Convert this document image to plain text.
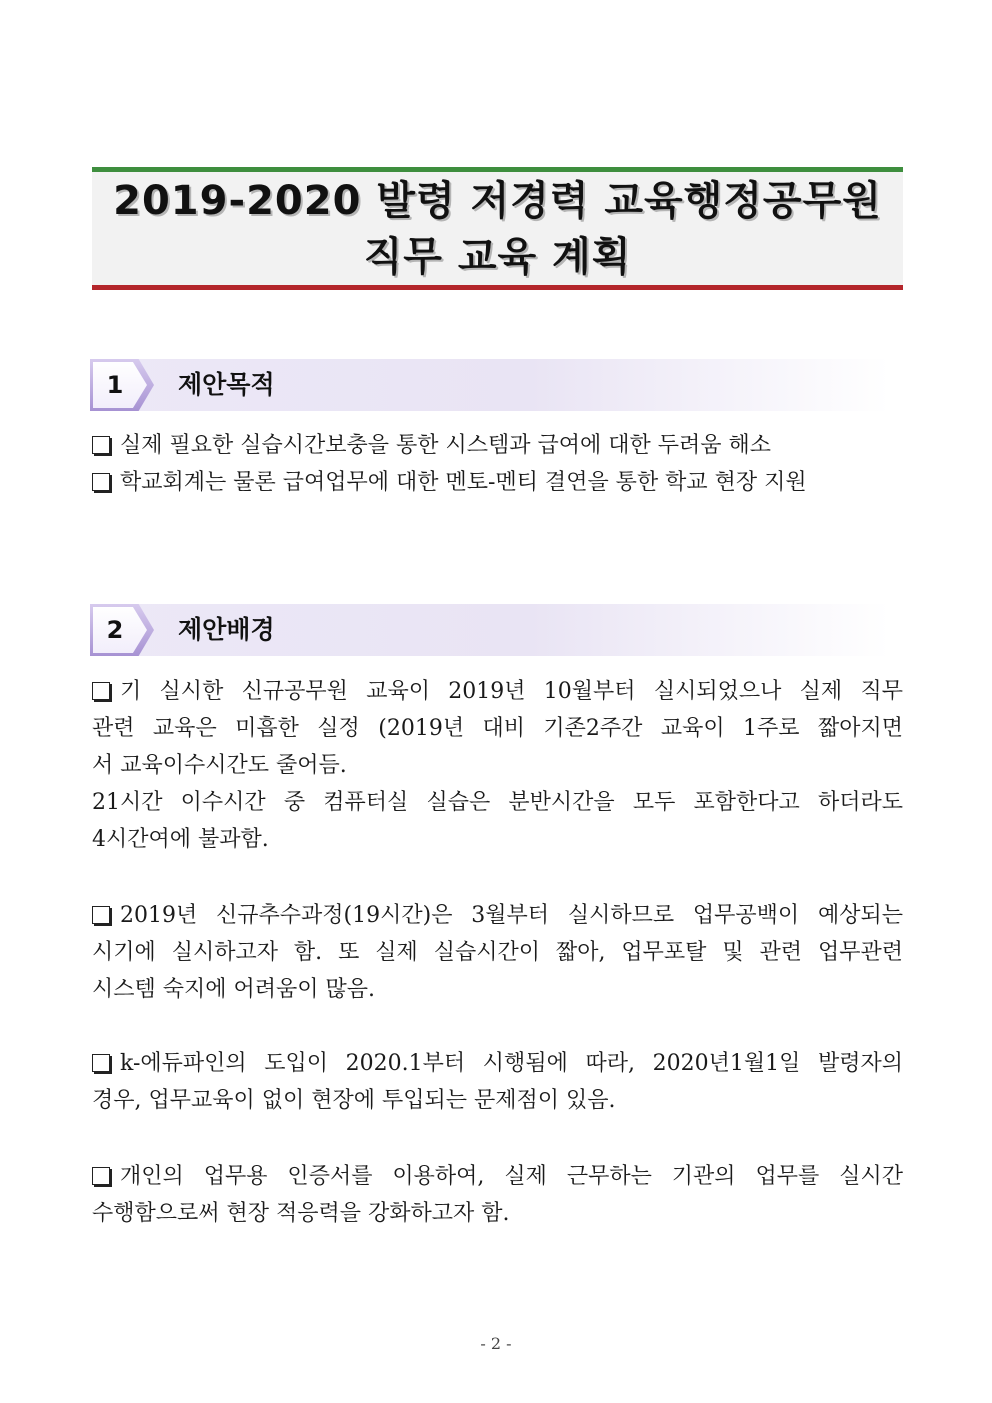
2019-2020 발령 저경력 교육행정공무원
직무 교육 계획
1	제안목적
실제 필요한 실습시간보충을 통한 시스템과 급여에 대한 두려움 해소
학교회계는 물론 급여업무에 대한 멘토-멘티 결연을 통한 학교 현장 지원
2	제안배경
기 실시한 신규공무원 교육이 2019년 10월부터 실시되었으나 실제 직무
관련 교육은 미흡한 실정 (2019년 대비 기존2주간 교육이 1주로 짧아지면
서 교육이수시간도 줄어듬.
21시간 이수시간 중 컴퓨터실 실습은 분반시간을 모두 포함한다고 하더라도
4시간여에 불과함.
2019년 신규추수과정(19시간)은 3월부터 실시하므로 업무공백이 예상되는
시기에 실시하고자 함. 또 실제 실습시간이 짧아, 업무포탈 및 관련 업무관련
시스템 숙지에 어려움이 많음.
k-에듀파인의 도입이 2020.1부터 시행됨에 따라, 2020년1월1일 발령자의
경우, 업무교육이 없이 현장에 투입되는 문제점이 있음.
개인의 업무용 인증서를 이용하여, 실제 근무하는 기관의 업무를 실시간
수행함으로써 현장 적응력을 강화하고자 함.
- 2 -
